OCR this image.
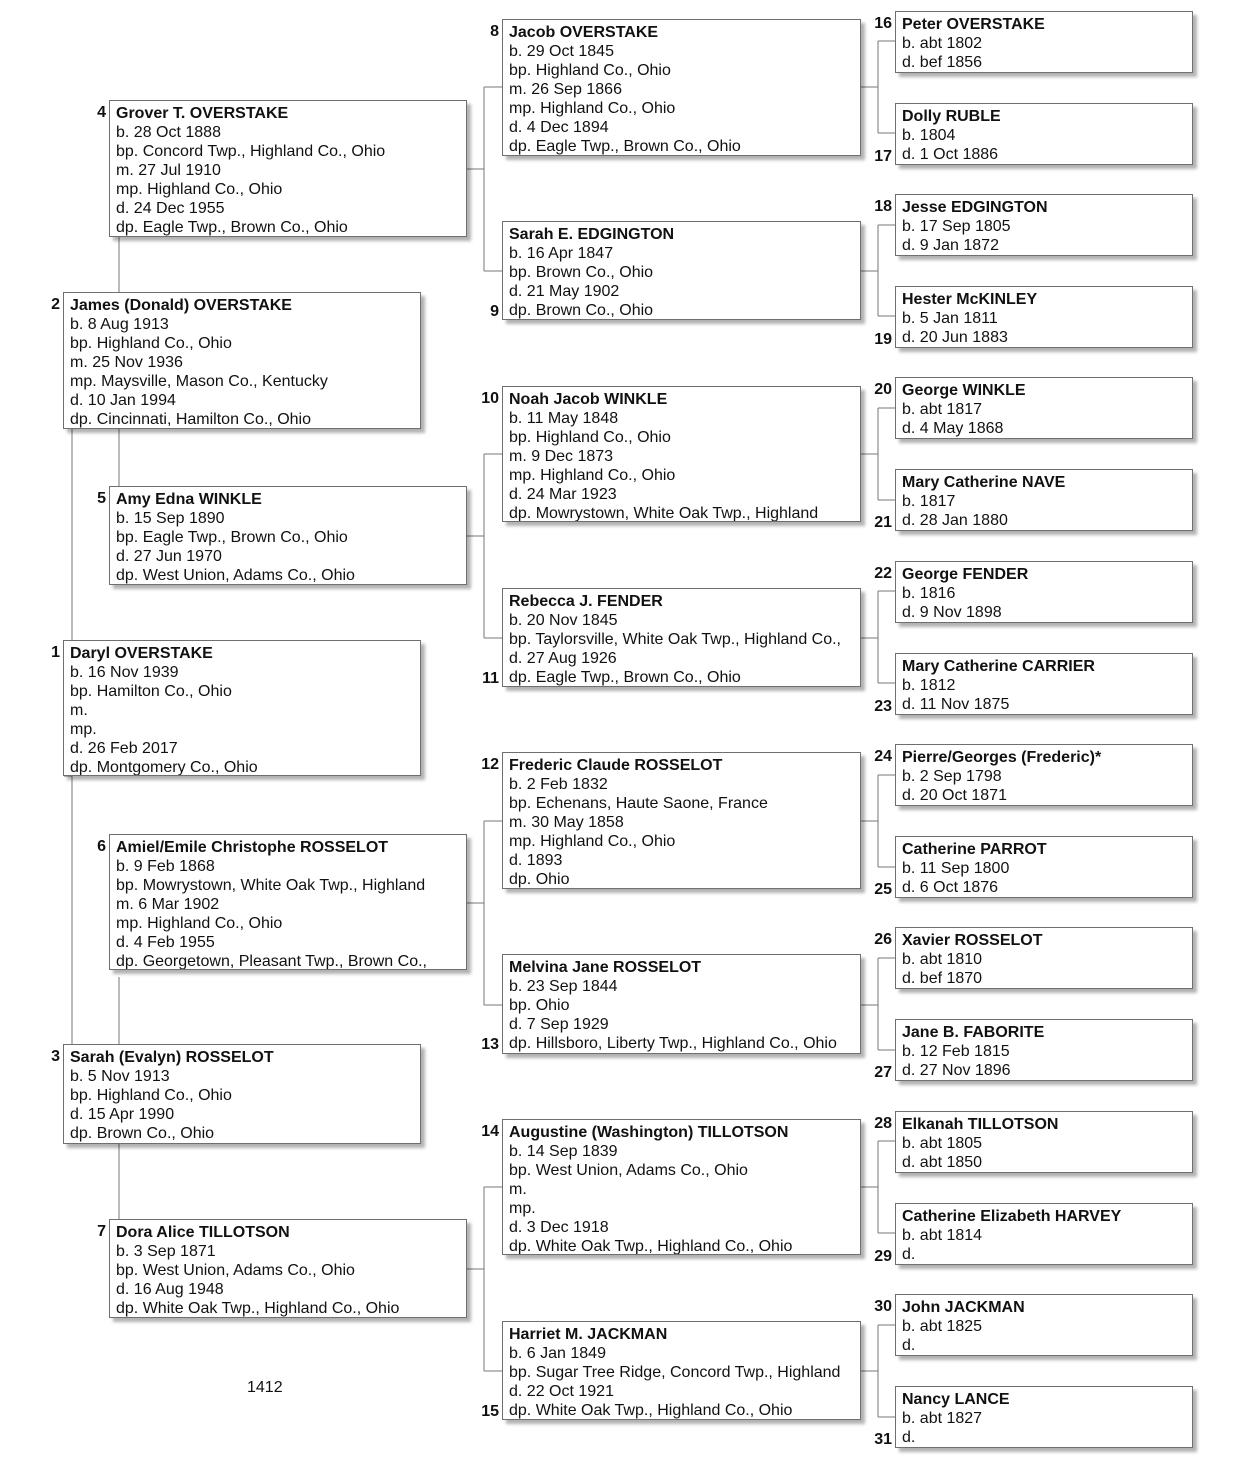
Daryl OVERSTAKE
b. 16 Nov 1939
bp. Hamilton Co., Ohio
m.
mp.
d. 26 Feb 2017
dp. Montgomery Co., Ohio
1
James (Donald) OVERSTAKE
b. 8 Aug 1913
bp. Highland Co., Ohio
m. 25 Nov 1936
mp. Maysville, Mason Co., Kentucky
d. 10 Jan 1994
dp. Cincinnati, Hamilton Co., Ohio
2
Sarah (Evalyn) ROSSELOT
b. 5 Nov 1913
bp. Highland Co., Ohio
d. 15 Apr 1990
dp. Brown Co., Ohio
3
Grover T. OVERSTAKE
b. 28 Oct 1888
bp. Concord Twp., Highland Co., Ohio
m. 27 Jul 1910
mp. Highland Co., Ohio
d. 24 Dec 1955
dp. Eagle Twp., Brown Co., Ohio
4
Amy Edna WINKLE
b. 15 Sep 1890
bp. Eagle Twp., Brown Co., Ohio
d. 27 Jun 1970
dp. West Union, Adams Co., Ohio
5
Amiel/Emile Christophe ROSSELOT
b. 9 Feb 1868
bp. Mowrystown, White Oak Twp., Highland
m. 6 Mar 1902
mp. Highland Co., Ohio
d. 4 Feb 1955
dp. Georgetown, Pleasant Twp., Brown Co.,
6
Dora Alice TILLOTSON
b. 3 Sep 1871
bp. West Union, Adams Co., Ohio
d. 16 Aug 1948
dp. White Oak Twp., Highland Co., Ohio
7
Jacob OVERSTAKE
b. 29 Oct 1845
bp. Highland Co., Ohio
m. 26 Sep 1866
mp. Highland Co., Ohio
d. 4 Dec 1894
dp. Eagle Twp., Brown Co., Ohio
8
Sarah E. EDGINGTON
b. 16 Apr 1847
bp. Brown Co., Ohio
d. 21 May 1902
dp. Brown Co., Ohio
9
Noah Jacob WINKLE
b. 11 May 1848
bp. Highland Co., Ohio
m. 9 Dec 1873
mp. Highland Co., Ohio
d. 24 Mar 1923
dp. Mowrystown, White Oak Twp., Highland
10
Rebecca J. FENDER
b. 20 Nov 1845
bp. Taylorsville, White Oak Twp., Highland Co.,
d. 27 Aug 1926
dp. Eagle Twp., Brown Co., Ohio
11
Frederic Claude ROSSELOT
b. 2 Feb 1832
bp. Echenans, Haute Saone, France
m. 30 May 1858
mp. Highland Co., Ohio
d. 1893
dp. Ohio
12
Melvina Jane ROSSELOT
b. 23 Sep 1844
bp. Ohio
d. 7 Sep 1929
dp. Hillsboro, Liberty Twp., Highland Co., Ohio
13
Augustine (Washington) TILLOTSON
b. 14 Sep 1839
bp. West Union, Adams Co., Ohio
m.
mp.
d. 3 Dec 1918
dp. White Oak Twp., Highland Co., Ohio
14
Harriet M. JACKMAN
b. 6 Jan 1849
bp. Sugar Tree Ridge, Concord Twp., Highland
d. 22 Oct 1921
dp. White Oak Twp., Highland Co., Ohio
15
Peter OVERSTAKE
b. abt 1802
d. bef 1856
16
Dolly RUBLE
b. 1804
d. 1 Oct 1886
17
Jesse EDGINGTON
b. 17 Sep 1805
d. 9 Jan 1872
18
Hester McKINLEY
b. 5 Jan 1811
d. 20 Jun 1883
19
George WINKLE
b. abt 1817
d. 4 May 1868
20
Mary Catherine NAVE
b. 1817
d. 28 Jan 1880
21
George FENDER
b. 1816
d. 9 Nov 1898
22
Mary Catherine CARRIER
b. 1812
d. 11 Nov 1875
23
Pierre/Georges (Frederic)*
b. 2 Sep 1798
d. 20 Oct 1871
24
Catherine PARROT
b. 11 Sep 1800
d. 6 Oct 1876
25
Xavier ROSSELOT
b. abt 1810
d. bef 1870
26
Jane B. FABORITE
b. 12 Feb 1815
d. 27 Nov 1896
27
Elkanah TILLOTSON
b. abt 1805
d. abt 1850
28
Catherine Elizabeth HARVEY
b. abt 1814
d.
29
John JACKMAN
b. abt 1825
d.
30
Nancy LANCE
b. abt 1827
d.
31
1412
